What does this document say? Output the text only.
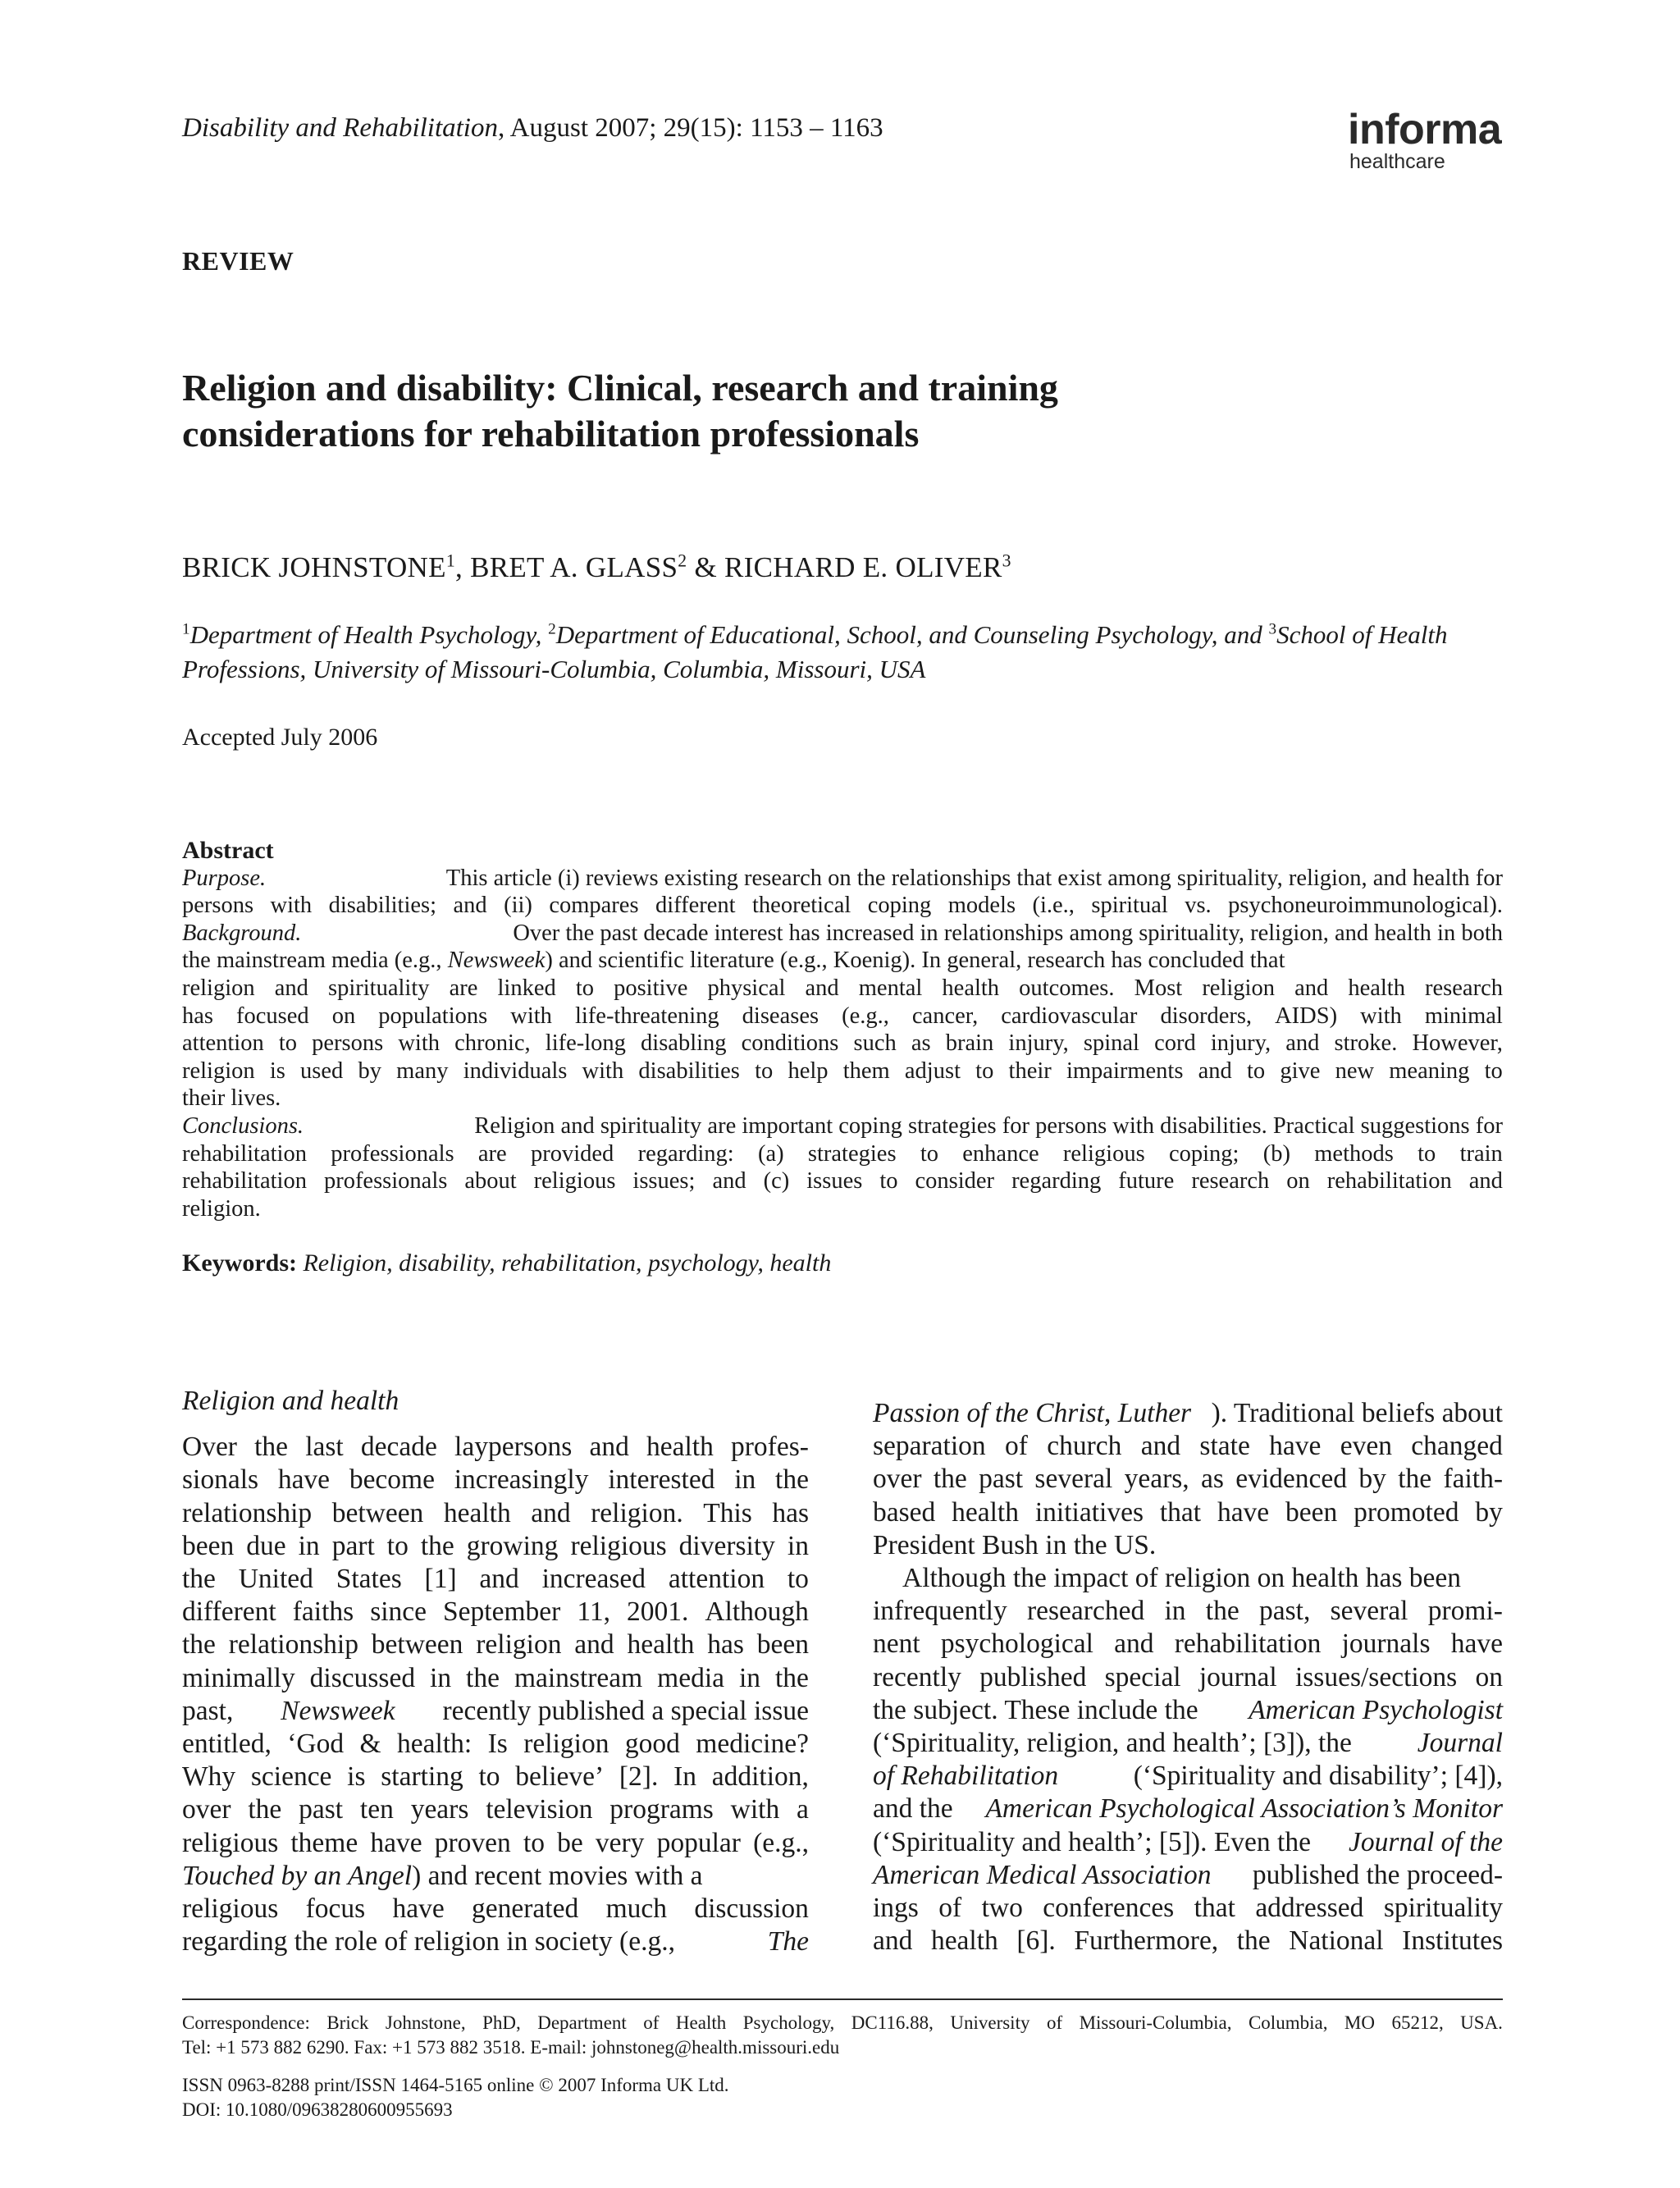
Disability and Rehabilitation, August 2007; 29(15): 1153 – 1163	informa
healthcare
REVIEW
Religion and disability: Clinical, research and training
considerations for rehabilitation professionals
BRICK JOHNSTONE$^1$, BRET A. GLASS$^2$ & RICHARD E. OLIVER$^3$
$^1$Department of Health Psychology, $^2$Department of Educational, School, and Counseling Psychology, and $^3$School of Health
Professions, University of Missouri-Columbia, Columbia, Missouri, USA
Accepted July 2006
Abstract
Purpose.	This article (i) reviews existing research on the relationships that exist among spirituality, religion, and health for
persons with disabilities; and (ii) compares different theoretical coping models (i.e., spiritual vs. psychoneuroimmunological).
Background.	Over the past decade interest has increased in relationships among spirituality, religion, and health in both
the mainstream media (e.g., Newsweek) and scientific literature (e.g., Koenig). In general, research has concluded that
religion and spirituality are linked to positive physical and mental health outcomes. Most religion and health research
has focused on populations with life-threatening diseases (e.g., cancer, cardiovascular disorders, AIDS) with minimal
attention to persons with chronic, life-long disabling conditions such as brain injury, spinal cord injury, and stroke. However,
religion is used by many individuals with disabilities to help them adjust to their impairments and to give new meaning to
their lives.
Conclusions.	Religion and spirituality are important coping strategies for persons with disabilities. Practical suggestions for
rehabilitation professionals are provided regarding: (a) strategies to enhance religious coping; (b) methods to train
rehabilitation professionals about religious issues; and (c) issues to consider regarding future research on rehabilitation and
religion.
Keywords: Religion, disability, rehabilitation, psychology, health
Religion and health
Over the last decade laypersons and health profes-
sionals have become increasingly interested in the
relationship between health and religion. This has
been due in part to the growing religious diversity in
the United States [1] and increased attention to
different faiths since September 11, 2001. Although
the relationship between religion and health has been
minimally discussed in the mainstream media in the
past, Newsweek recently published a special issue
entitled, ‘God & health: Is religion good medicine?
Why science is starting to believe’ [2]. In addition,
over the past ten years television programs with a
religious theme have proven to be very popular (e.g.,
Touched by an Angel) and recent movies with a
religious focus have generated much discussion
regarding the role of religion in society (e.g.,	The
Passion of the Christ, Luther ). Traditional beliefs about
separation of church and state have even changed
over the past several years, as evidenced by the faith-
based health initiatives that have been promoted by
President Bush in the US.
Although the impact of religion on health has been
infrequently researched in the past, several promi-
nent psychological and rehabilitation journals have
recently published special journal issues/sections on
the subject. These include the American Psychologist
(‘Spirituality, religion, and health’; [3]), the Journal
of Rehabilitation	(‘Spirituality and disability’; [4]),
and the American Psychological Association’s Monitor
(‘Spirituality and health’; [5]). Even the Journal of the
American Medical Association published the proceed-
ings of two conferences that addressed spirituality
and health [6]. Furthermore, the National Institutes
Correspondence: Brick Johnstone, PhD, Department of Health Psychology, DC116.88, University of Missouri-Columbia, Columbia, MO 65212, USA.
Tel: +1 573 882 6290. Fax: +1 573 882 3518. E-mail: johnstoneg@health.missouri.edu
ISSN 0963-8288 print/ISSN 1464-5165 online © 2007 Informa UK Ltd.
DOI: 10.1080/09638280600955693
